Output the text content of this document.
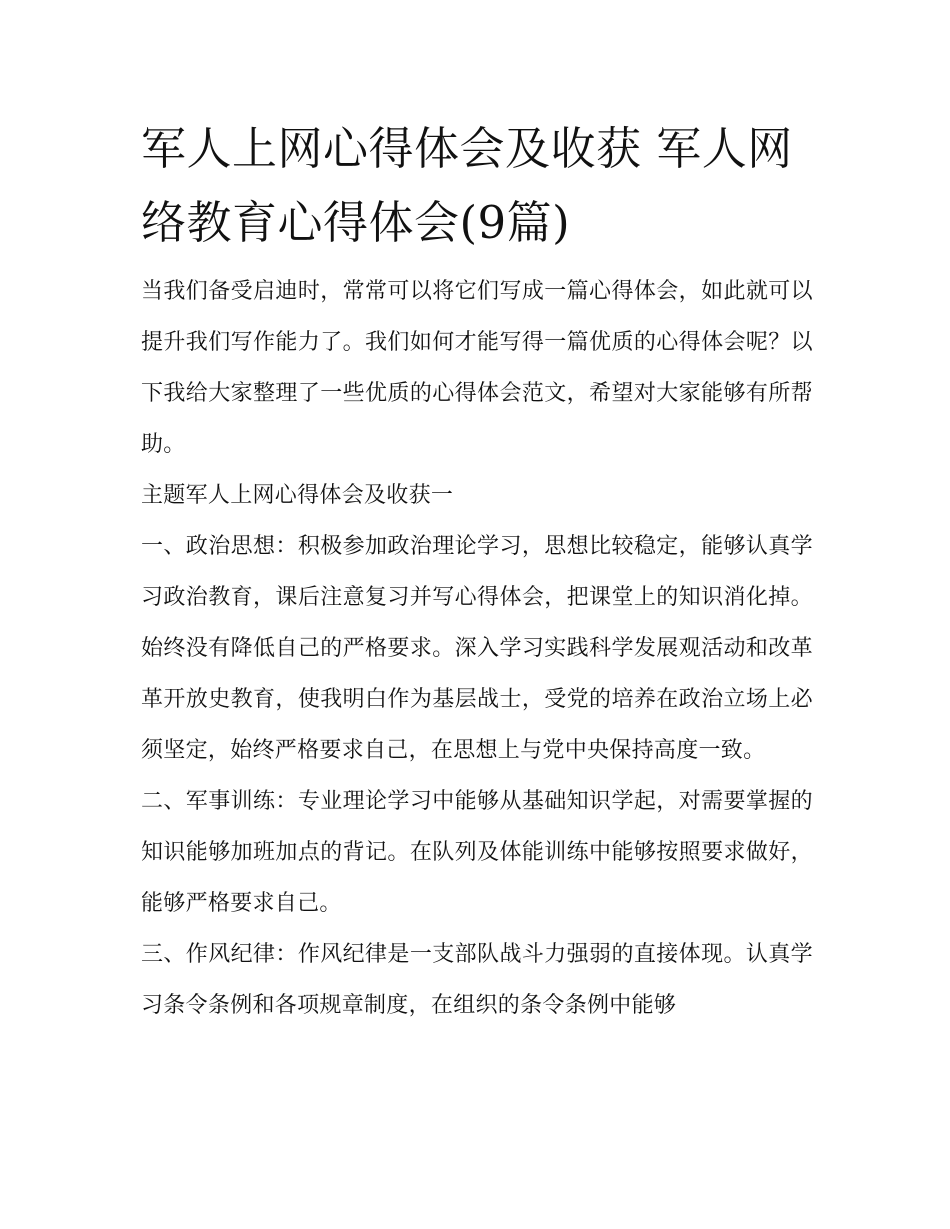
军人上网心得体会及收获 军人网络教育心得体会(9篇)

当我们备受启迪时，常常可以将它们写成一篇心得体会，如此就可以提升我们写作能力了。我们如何才能写得一篇优质的心得体会呢？以下我给大家整理了一些优质的心得体会范文，希望对大家能够有所帮助。

主题军人上网心得体会及收获一

一、政治思想：积极参加政治理论学习，思想比较稳定，能够认真学习政治教育，课后注意复习并写心得体会，把课堂上的知识消化掉。始终没有降低自己的严格要求。深入学习实践科学发展观活动和改革革开放史教育，使我明白作为基层战士，受党的培养在政治立场上必须坚定，始终严格要求自己，在思想上与党中央保持高度一致。

二、军事训练：专业理论学习中能够从基础知识学起，对需要掌握的知识能够加班加点的背记。在队列及体能训练中能够按照要求做好，能够严格要求自己。

三、作风纪律：作风纪律是一支部队战斗力强弱的直接体现。认真学习条令条例和各项规章制度，在组织的条令条例中能够
